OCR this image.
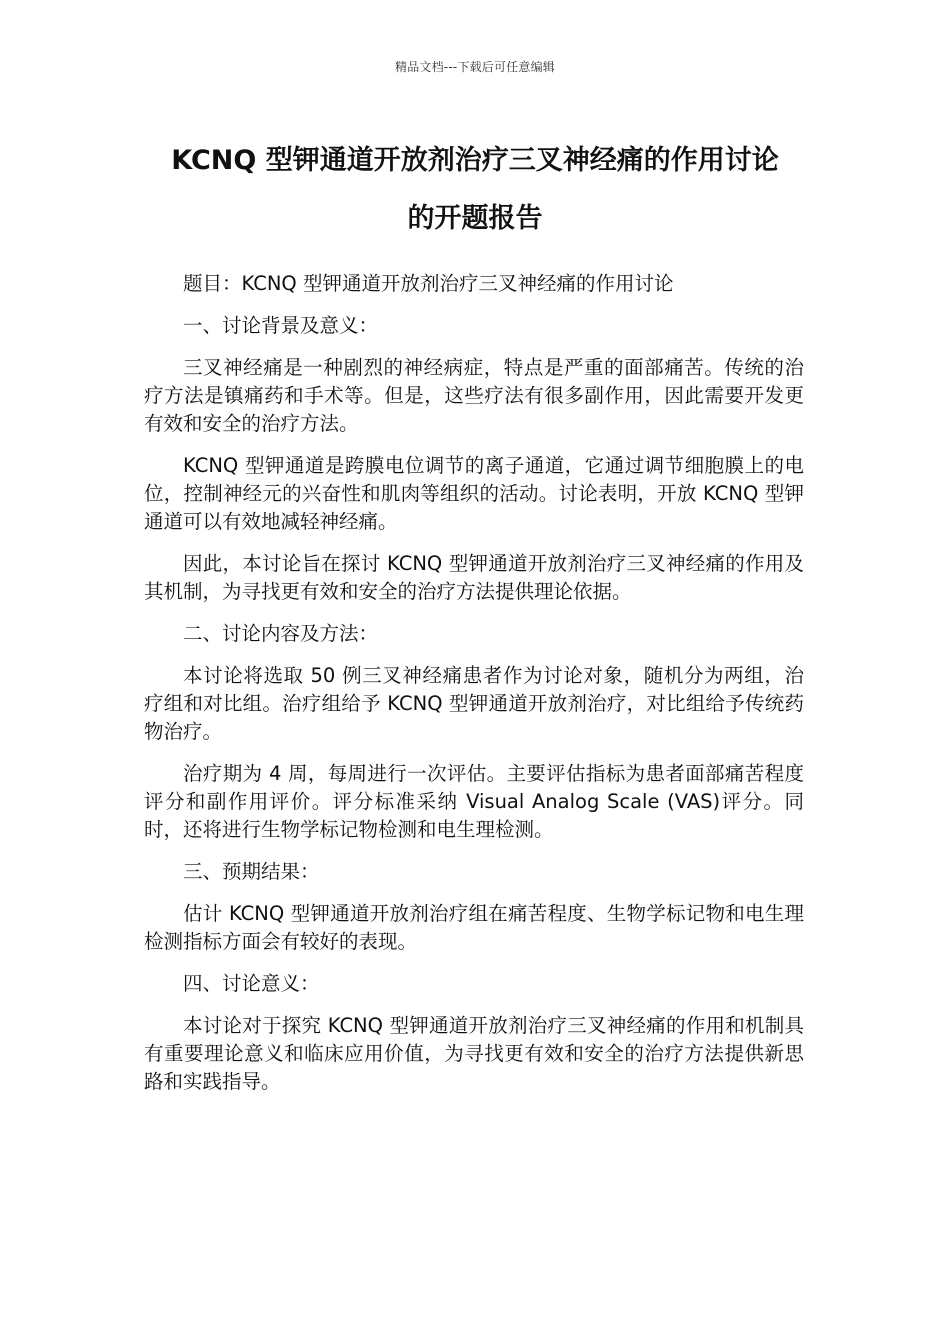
精品文档---下载后可任意编辑
KCNQ 型钾通道开放剂治疗三叉神经痛的作用讨论
的开题报告
题目：KCNQ 型钾通道开放剂治疗三叉神经痛的作用讨论
一、讨论背景及意义：

三叉神经痛是一种剧烈的神经病症，特点是严重的面部痛苦。传统的治疗方法是镇痛药和手术等。但是，这些疗法有很多副作用，因此需要开发更有效和安全的治疗方法。

KCNQ 型钾通道是跨膜电位调节的离子通道，它通过调节细胞膜上的电位，控制神经元的兴奋性和肌肉等组织的活动。讨论表明，开放 KCNQ 型钾通道可以有效地减轻神经痛。

因此，本讨论旨在探讨 KCNQ 型钾通道开放剂治疗三叉神经痛的作用及其机制，为寻找更有效和安全的治疗方法提供理论依据。

二、讨论内容及方法：

本讨论将选取 50 例三叉神经痛患者作为讨论对象，随机分为两组，治疗组和对比组。治疗组给予 KCNQ 型钾通道开放剂治疗，对比组给予传统药物治疗。

治疗期为 4 周，每周进行一次评估。主要评估指标为患者面部痛苦程度评分和副作用评价。评分标准采纳 Visual Analog Scale (VAS)评分。同时，还将进行生物学标记物检测和电生理检测。

三、预期结果：

估计 KCNQ 型钾通道开放剂治疗组在痛苦程度、生物学标记物和电生理检测指标方面会有较好的表现。

四、讨论意义：

本讨论对于探究 KCNQ 型钾通道开放剂治疗三叉神经痛的作用和机制具有重要理论意义和临床应用价值，为寻找更有效和安全的治疗方法提供新思路和实践指导。
